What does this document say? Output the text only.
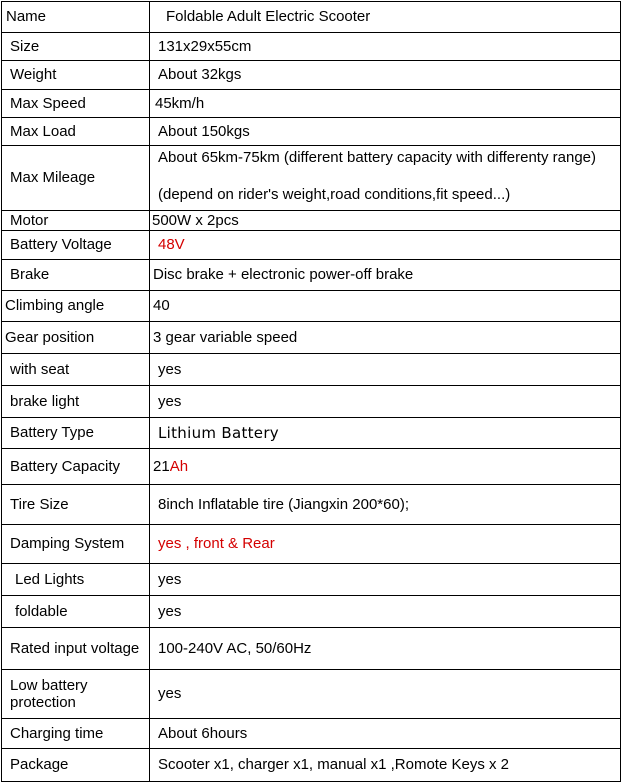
Name	Foldable Adult Electric Scooter
Size	131x29x55cm
Weight	About 32kgs
Max Speed	45km/h
Max Load	About 150kgs
Max Mileage	About 65km-75km (different battery capacity with differenty range)
(depend on rider's weight,road conditions,fit speed...)

Motor	500W x 2pcs
Battery Voltage	48V
Brake	Disc brake + electronic power-off brake
Climbing angle	40
Gear position	3 gear variable speed
with seat	yes
brake light	yes
Battery Type	Lithium Battery
Battery Capacity	21Ah
Tire Size	8inch Inflatable tire (Jiangxin 200*60);
Damping System	yes , front & Rear
Led Lights	yes
foldable	yes
Rated input voltage	100-240V AC, 50/60Hz
Low battery protection	yes
Charging time	About 6hours
Package	Scooter x1, charger x1, manual x1 ,Romote Keys x 2
